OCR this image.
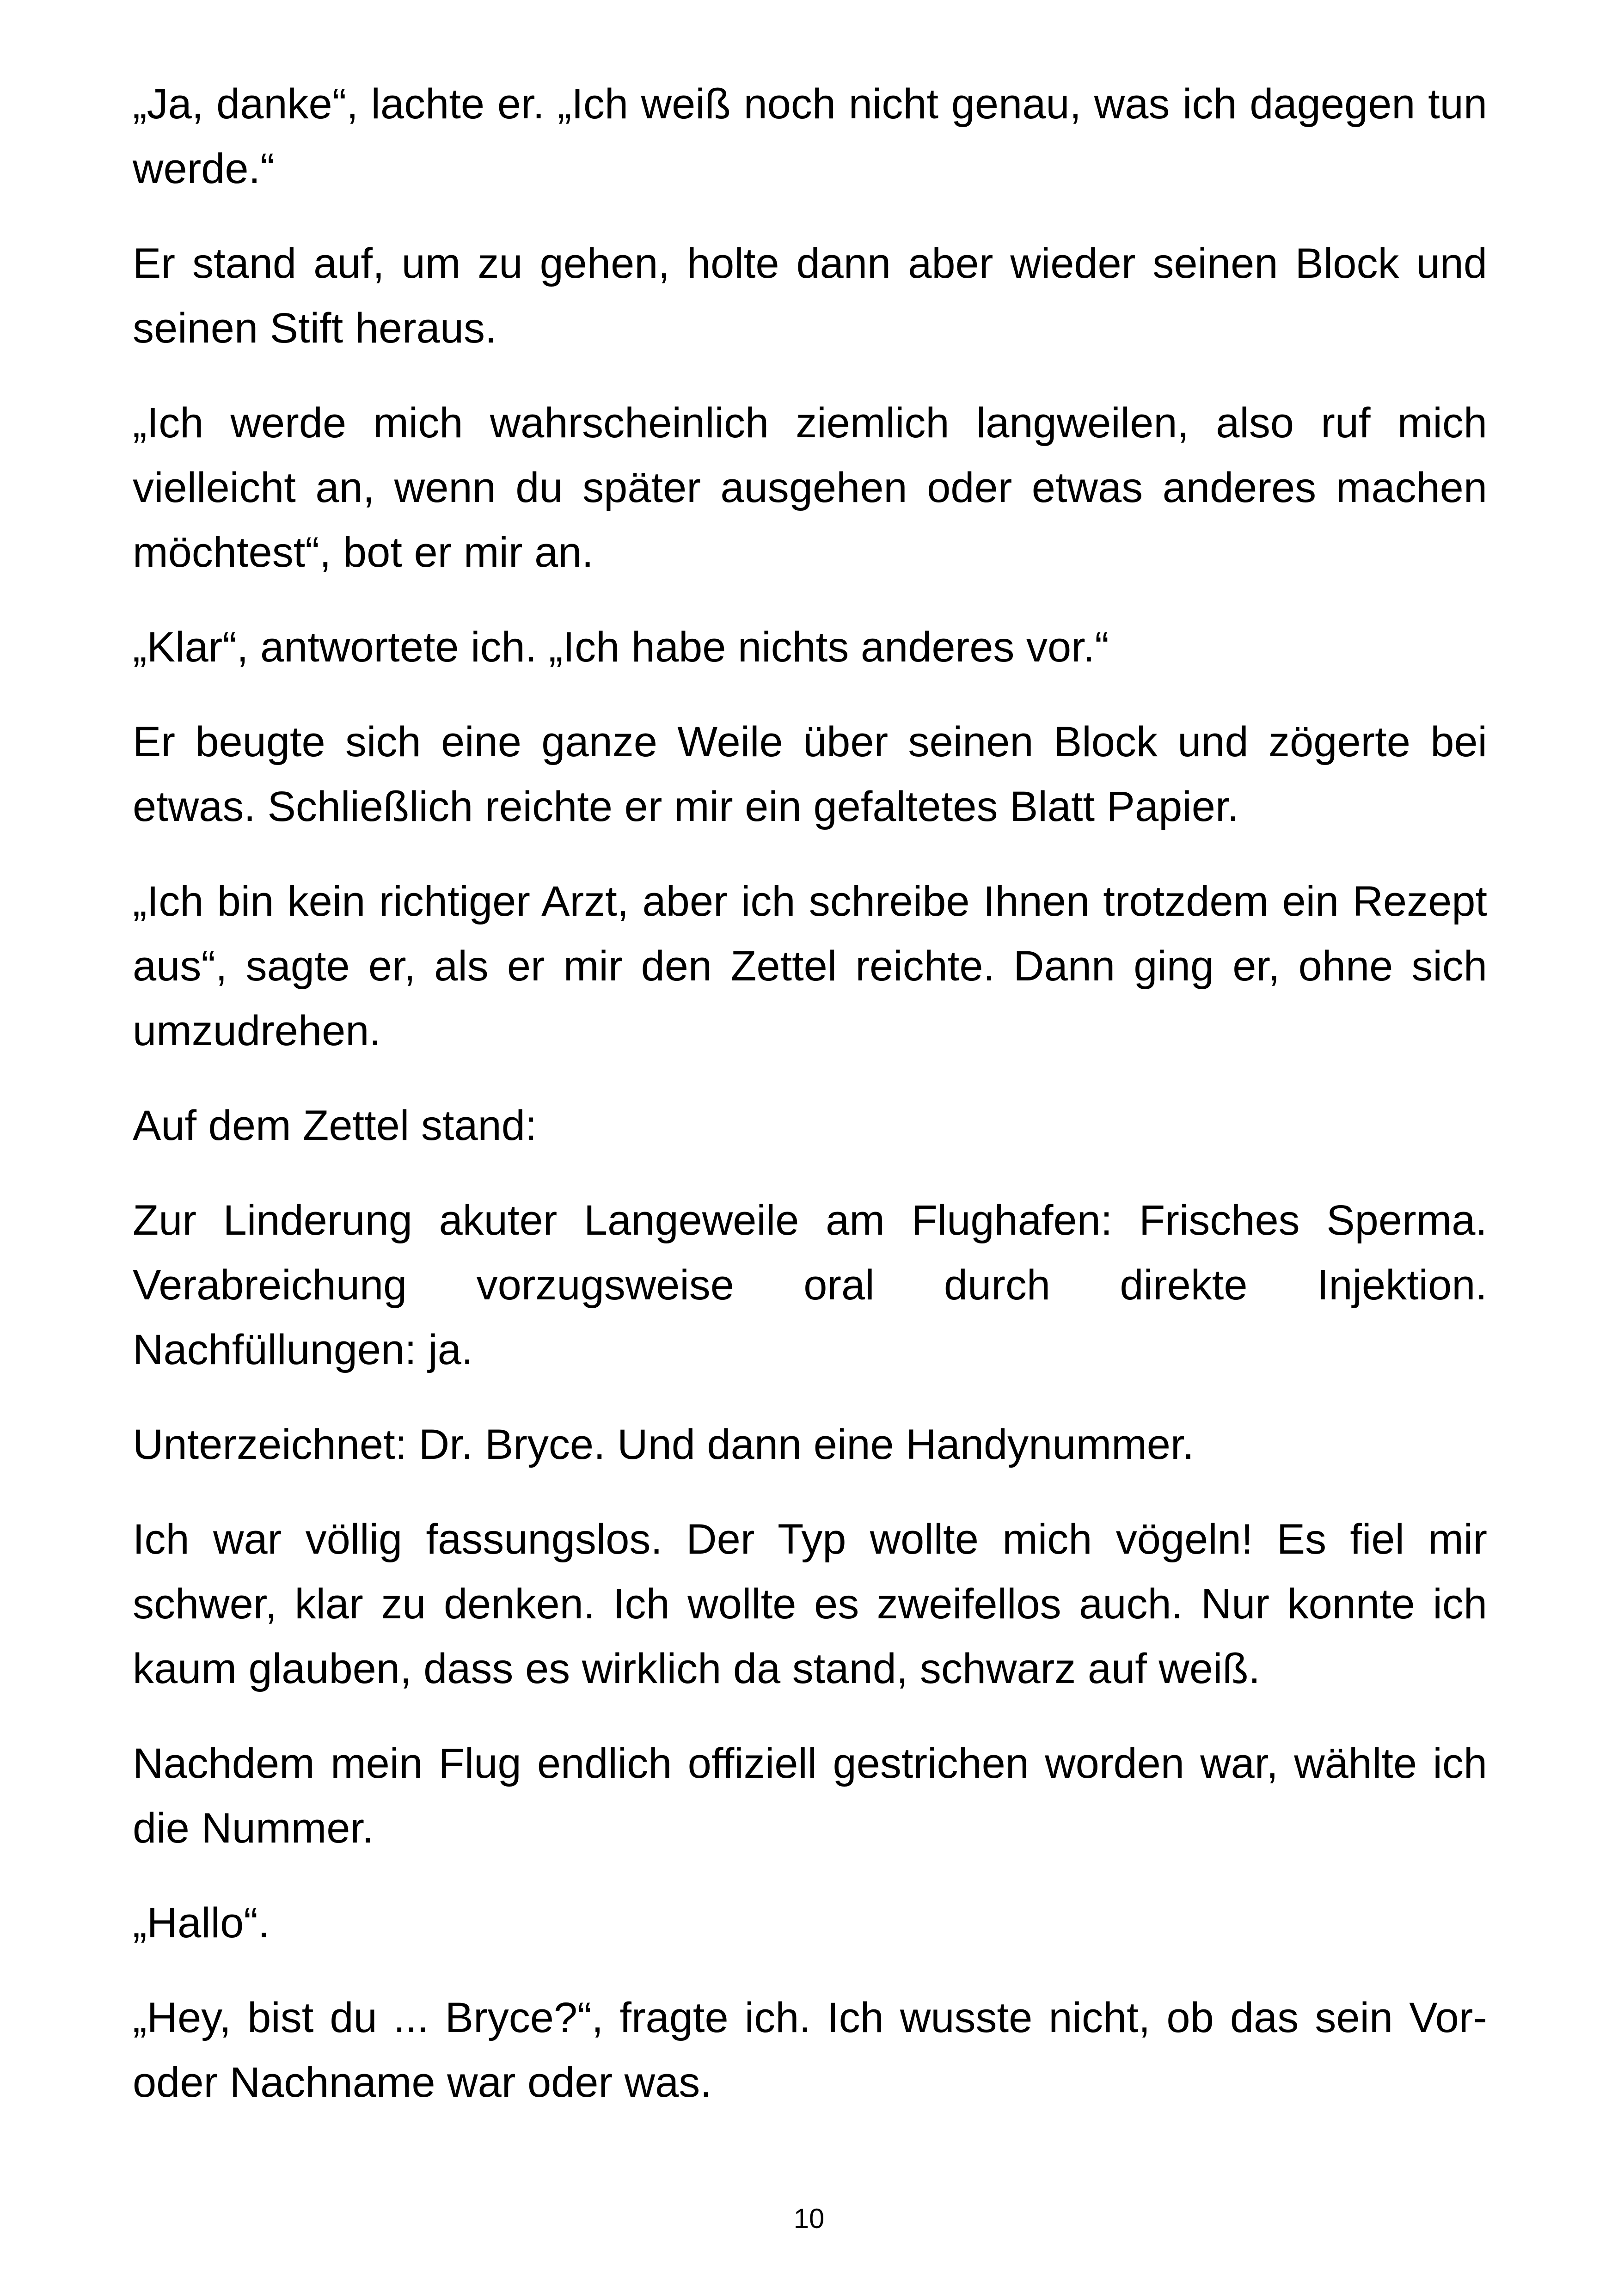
„Ja, danke“, lachte er. „Ich weiß noch nicht genau, was ich dagegen tun werde.“

Er stand auf, um zu gehen, holte dann aber wieder seinen Block und seinen Stift heraus.

„Ich werde mich wahrscheinlich ziemlich langweilen, also ruf mich vielleicht an, wenn du später ausgehen oder etwas anderes machen möchtest“, bot er mir an.

„Klar“, antwortete ich. „Ich habe nichts anderes vor.“

Er beugte sich eine ganze Weile über seinen Block und zögerte bei etwas. Schließlich reichte er mir ein gefaltetes Blatt Papier.

„Ich bin kein richtiger Arzt, aber ich schreibe Ihnen trotzdem ein Rezept aus“, sagte er, als er mir den Zettel reichte. Dann ging er, ohne sich umzudrehen.

Auf dem Zettel stand:

Zur Linderung akuter Langeweile am Flughafen: Frisches Sperma. Verabreichung vorzugsweise oral durch direkte Injektion. Nachfüllungen: ja.

Unterzeichnet: Dr. Bryce. Und dann eine Handynummer.

Ich war völlig fassungslos. Der Typ wollte mich vögeln! Es fiel mir schwer, klar zu denken. Ich wollte es zweifellos auch. Nur konnte ich kaum glauben, dass es wirklich da stand, schwarz auf weiß.

Nachdem mein Flug endlich offiziell gestrichen worden war, wählte ich die Nummer.

„Hallo“.

„Hey, bist du ... Bryce?“, fragte ich. Ich wusste nicht, ob das sein Vor- oder Nachname war oder was.

10
